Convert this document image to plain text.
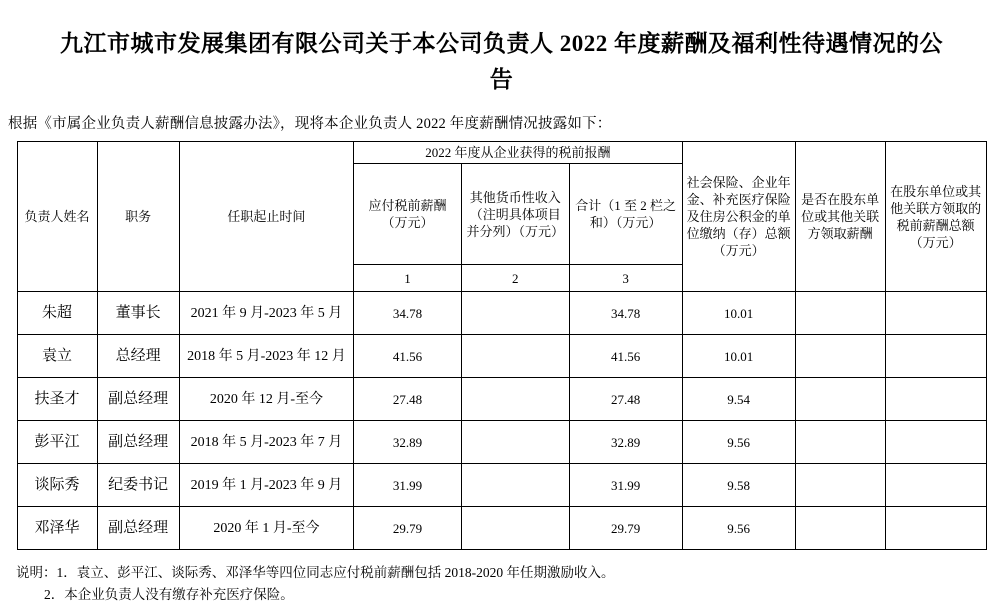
九江市城市发展集团有限公司关于本公司负责人 2022 年度薪酬及福利性待遇情况的公告
根据《市属企业负责人薪酬信息披露办法》，现将本企业负责人 2022 年度薪酬情况披露如下：
负责人姓名	职务	任职起止时间	2022 年度从企业获得的税前报酬			社会保险、企业年金、补充医疗保险及住房公积金的单位缴纳（存）总额（万元）	是否在股东单位或其他关联方领取薪酬	在股东单位或其他关联方领取的税前薪酬总额（万元）
			应付税前薪酬（万元）	其他货币性收入（注明具体项目并分列）（万元）	合计（1 至 2 栏之和）（万元）			
			1	2	3			
朱超	董事长	2021 年 9 月-2023 年 5 月	34.78		34.78	10.01		
袁立	总经理	2018 年 5 月-2023 年 12 月	41.56		41.56	10.01		
扶圣才	副总经理	2020 年 12 月-至今	27.48		27.48	9.54		
彭平江	副总经理	2018 年 5 月-2023 年 7 月	32.89		32.89	9.56		
谈际秀	纪委书记	2019 年 1 月-2023 年 9 月	31.99		31.99	9.58		
邓泽华	副总经理	2020 年 1 月-至今	29.79		29.79	9.56		
说明：1．袁立、彭平江、谈际秀、邓泽华等四位同志应付税前薪酬包括 2018-2020 年任期激励收入。
2．本企业负责人没有缴存补充医疗保险。
